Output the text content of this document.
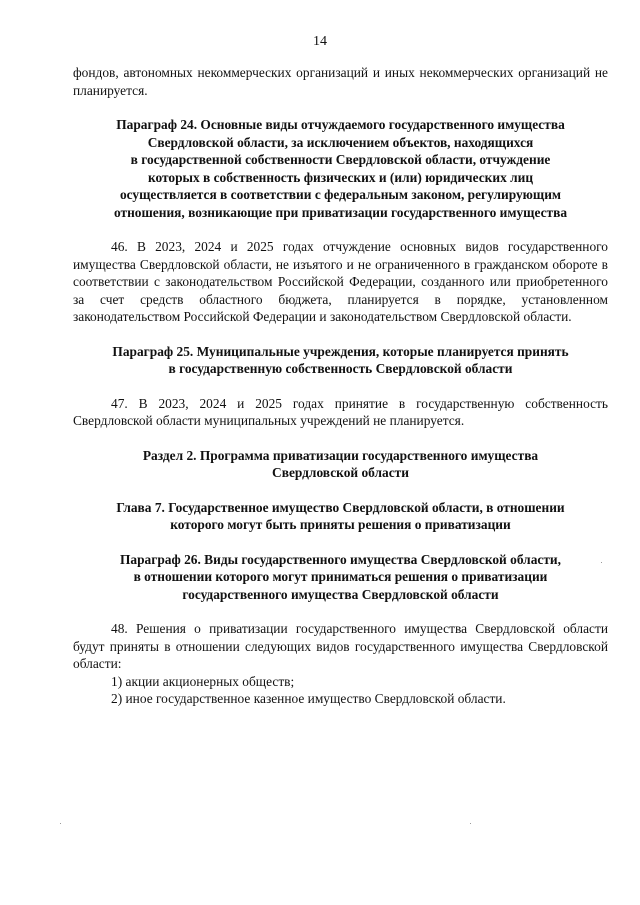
14

фондов, автономных некоммерческих организаций и иных некоммерческих организаций не планируется.

Параграф 24. Основные виды отчуждаемого государственного имущества
Свердловской области, за исключением объектов, находящихся
в государственной собственности Свердловской области, отчуждение
которых в собственность физических и (или) юридических лиц
осуществляется в соответствии с федеральным законом, регулирующим
отношения, возникающие при приватизации государственного имущества

46. В 2023, 2024 и 2025 годах отчуждение основных видов государственного имущества Свердловской области, не изъятого и не ограниченного в гражданском обороте в соответствии с законодательством Российской Федерации, созданного или приобретенного за счет средств областного бюджета, планируется в порядке, установленном законодательством Российской Федерации и законодательством Свердловской области.

Параграф 25. Муниципальные учреждения, которые планируется принять
в государственную собственность Свердловской области

47. В 2023, 2024 и 2025 годах принятие в государственную собственность Свердловской области муниципальных учреждений не планируется.

Раздел 2. Программа приватизации государственного имущества
Свердловской области
Глава 7. Государственное имущество Свердловской области, в отношении
которого могут быть приняты решения о приватизации
Параграф 26. Виды государственного имущества Свердловской области,
в отношении которого могут приниматься решения о приватизации
государственного имущества Свердловской области

48. Решения о приватизации государственного имущества Свердловской области будут приняты в отношении следующих видов государственного имущества Свердловской области:

1) акции акционерных обществ;

2) иное государственное казенное имущество Свердловской области.
